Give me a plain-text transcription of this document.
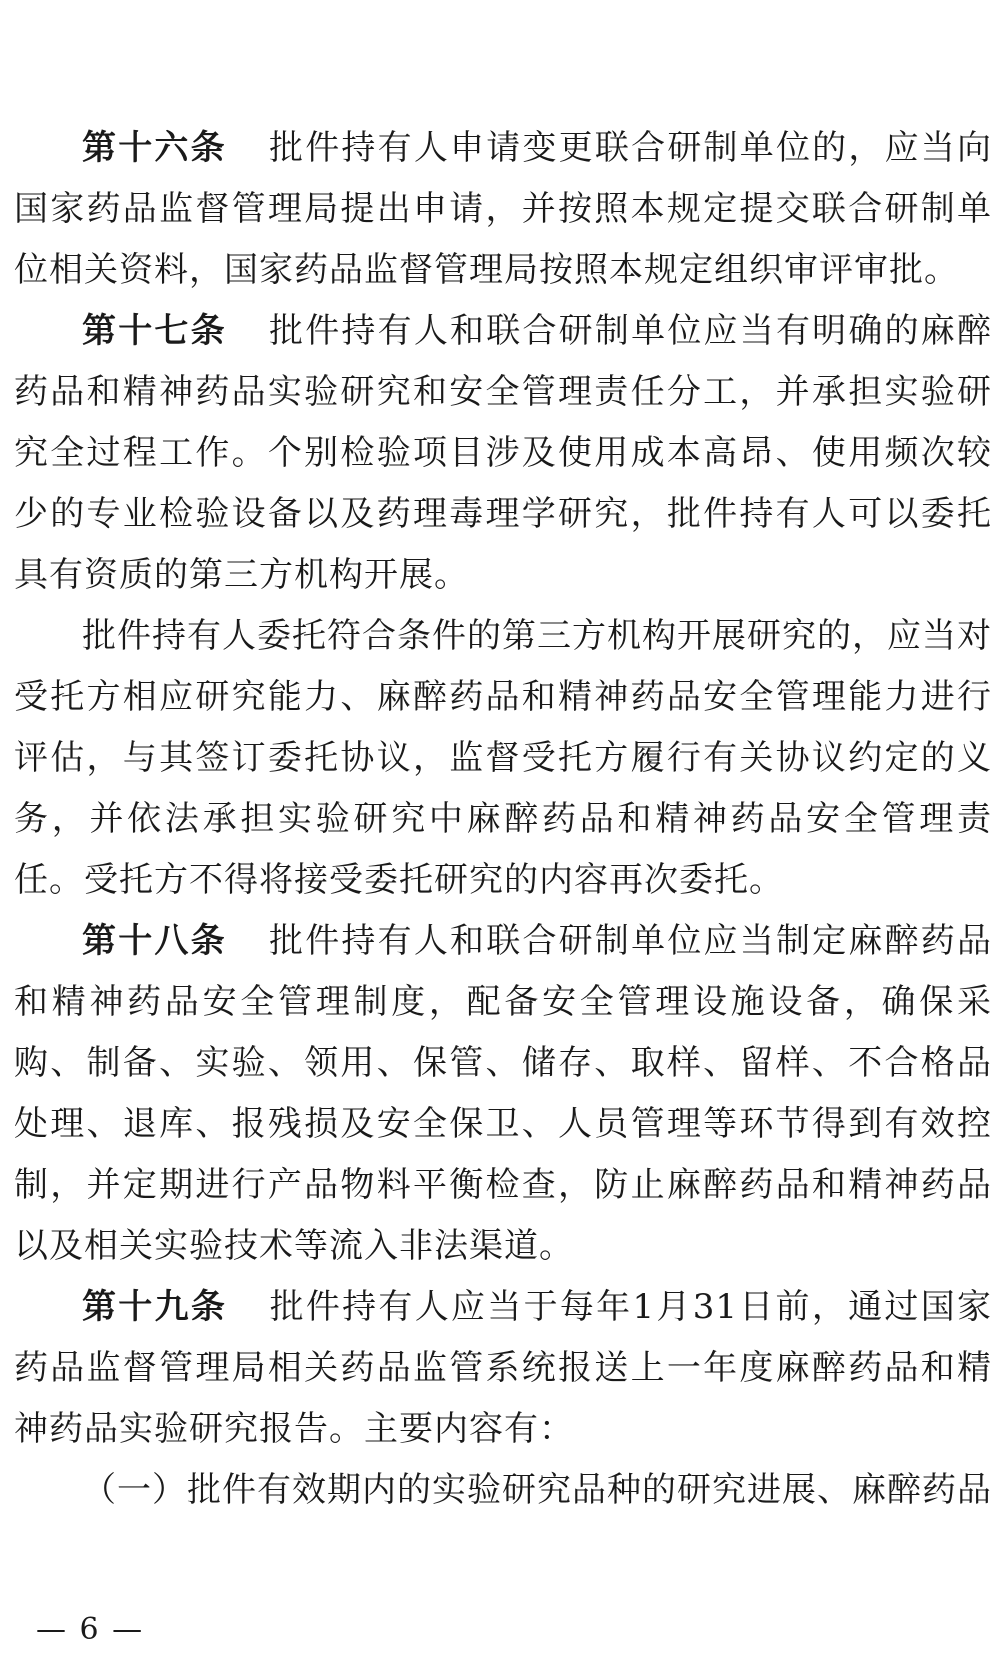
第十六条 批件持有人申请变更联合研制单位的，应当向国家药品监督管理局提出申请，并按照本规定提交联合研制单位相关资料，国家药品监督管理局按照本规定组织审评审批。

第十七条 批件持有人和联合研制单位应当有明确的麻醉药品和精神药品实验研究和安全管理责任分工，并承担实验研究全过程工作。个别检验项目涉及使用成本高昂、使用频次较少的专业检验设备以及药理毒理学研究，批件持有人可以委托具有资质的第三方机构开展。

批件持有人委托符合条件的第三方机构开展研究的，应当对受托方相应研究能力、麻醉药品和精神药品安全管理能力进行评估，与其签订委托协议，监督受托方履行有关协议约定的义务，并依法承担实验研究中麻醉药品和精神药品安全管理责任。受托方不得将接受委托研究的内容再次委托。

第十八条 批件持有人和联合研制单位应当制定麻醉药品和精神药品安全管理制度，配备安全管理设施设备，确保采购、制备、实验、领用、保管、储存、取样、留样、不合格品处理、退库、报残损及安全保卫、人员管理等环节得到有效控制，并定期进行产品物料平衡检查，防止麻醉药品和精神药品以及相关实验技术等流入非法渠道。

第十九条 批件持有人应当于每年1月31日前，通过国家药品监督管理局相关药品监管系统报送上一年度麻醉药品和精神药品实验研究报告。主要内容有：

（一）批件有效期内的实验研究品种的研究进展、麻醉药品

— 6 —
